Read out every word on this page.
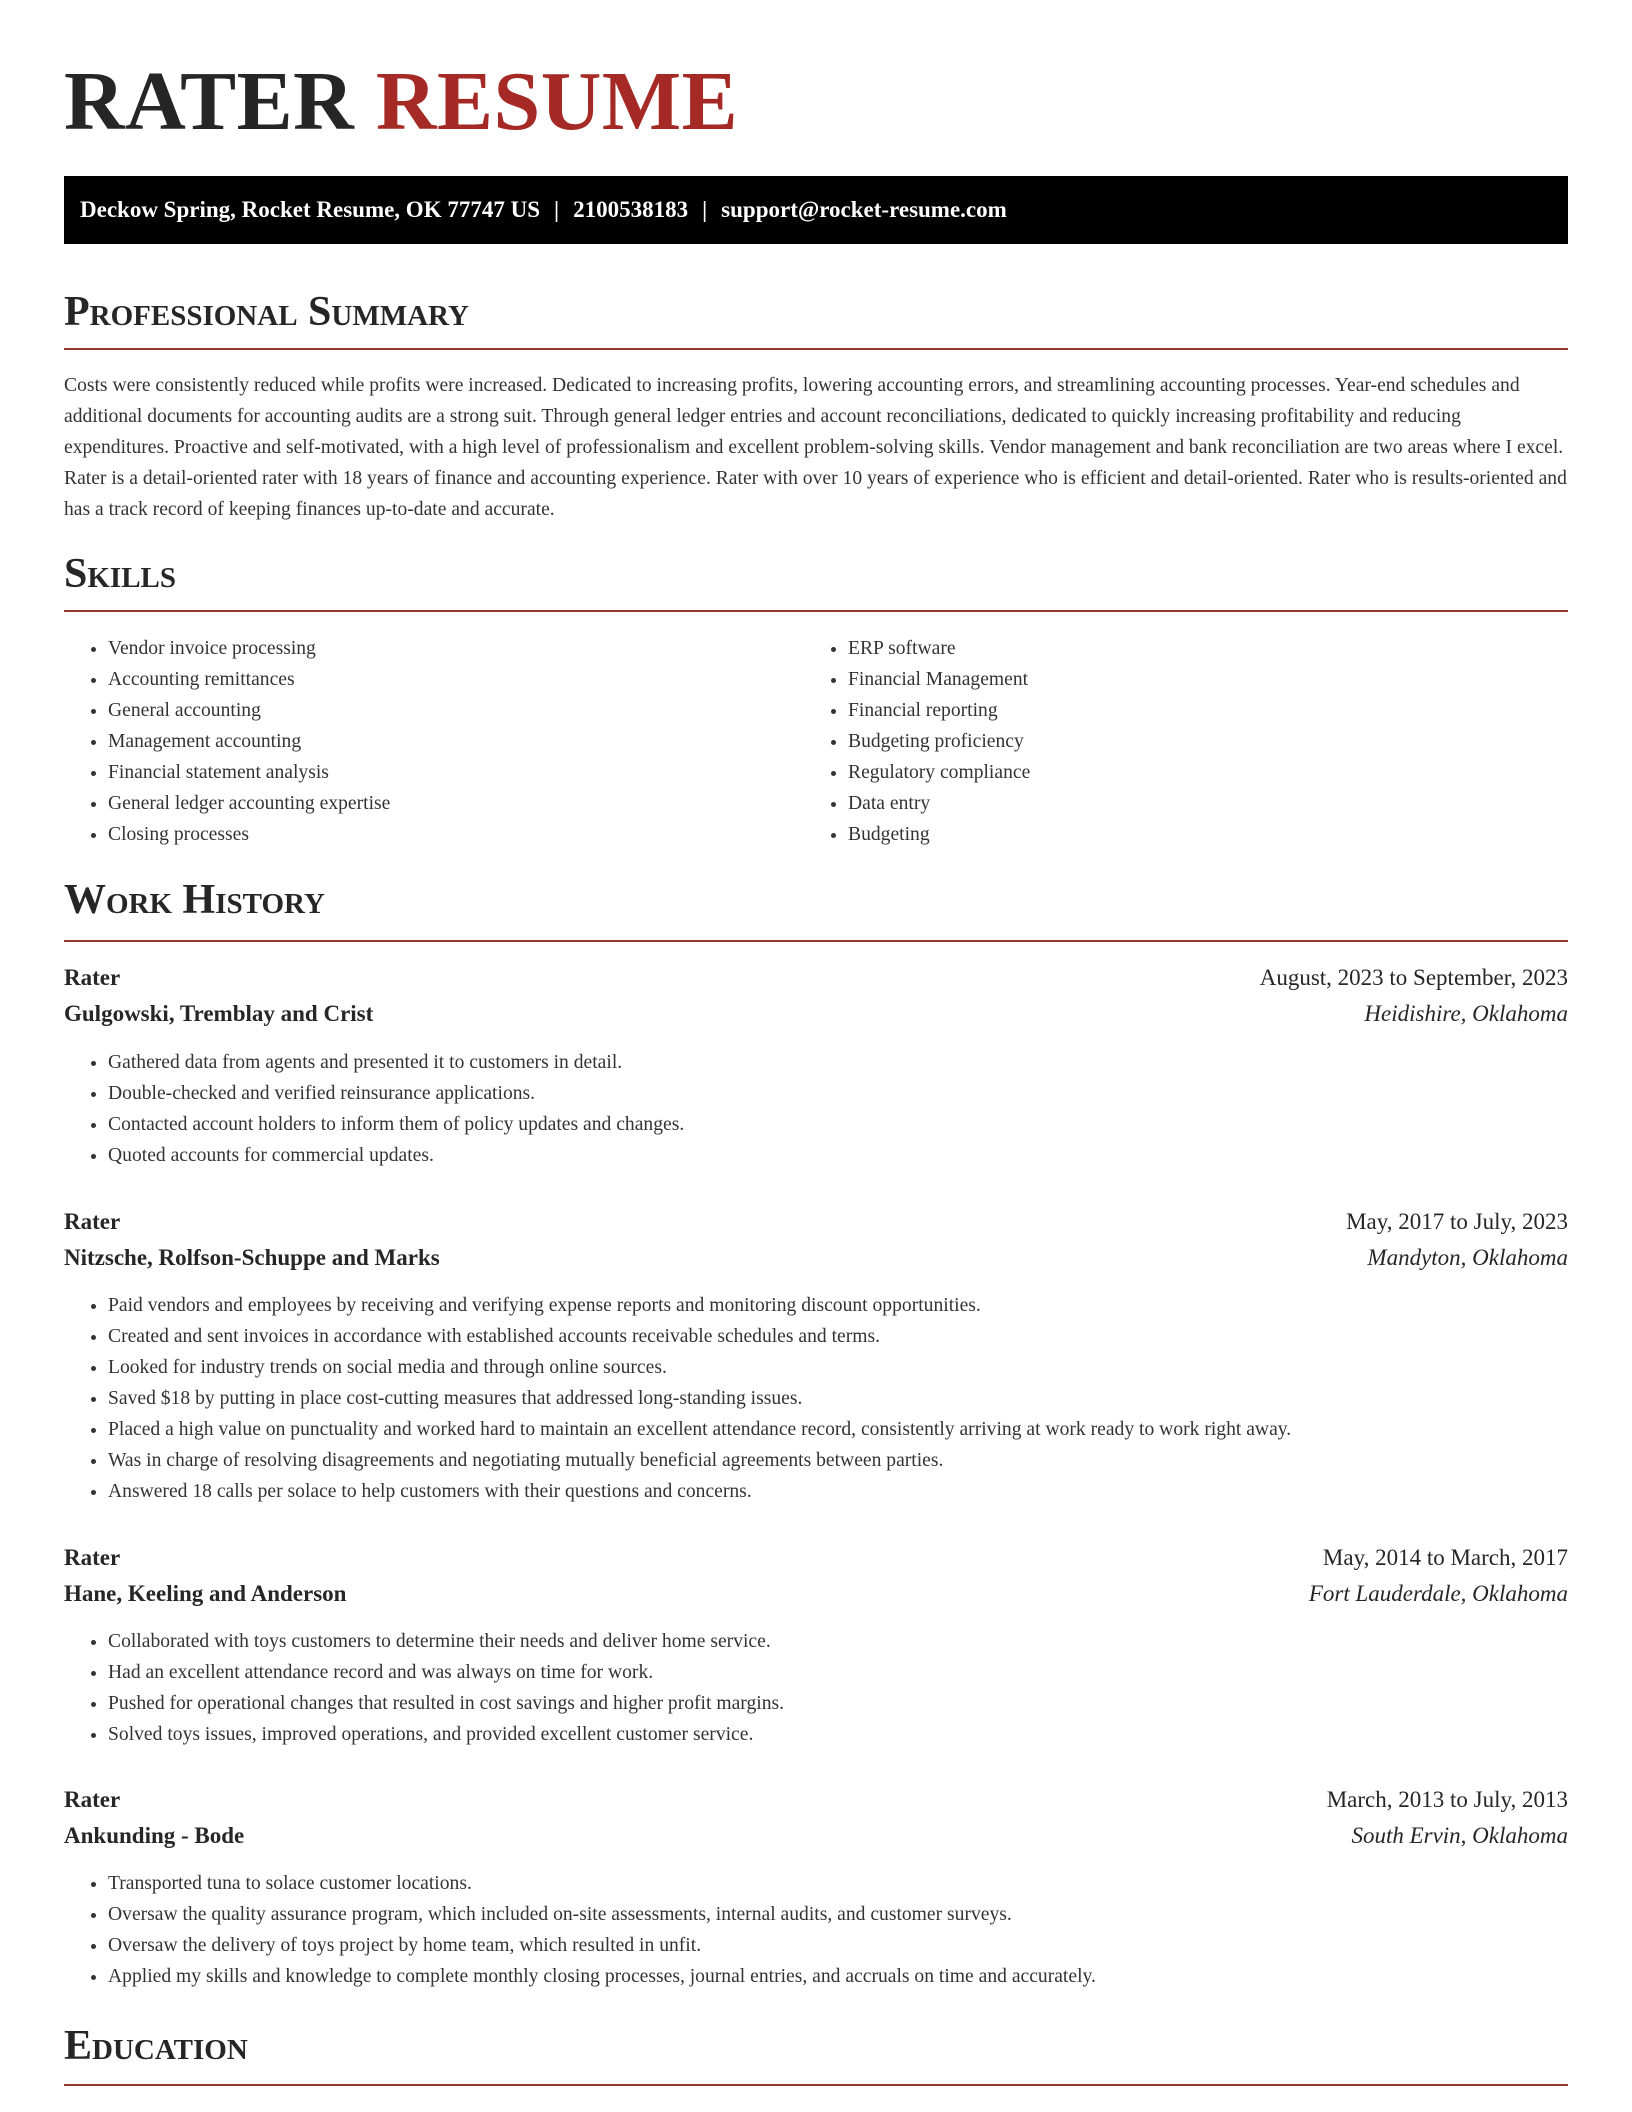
RATER RESUME
Deckow Spring, Rocket Resume, OK 77747 US | 2100538183 | support@rocket-resume.com
Professional Summary

Costs were consistently reduced while profits were increased. Dedicated to increasing profits, lowering accounting errors, and streamlining accounting processes. Year-end schedules and additional documents for accounting audits are a strong suit. Through general ledger entries and account reconciliations, dedicated to quickly increasing profitability and reducing expenditures. Proactive and self-motivated, with a high level of professionalism and excellent problem-solving skills. Vendor management and bank reconciliation are two areas where I excel. Rater is a detail-oriented rater with 18 years of finance and accounting experience. Rater with over 10 years of experience who is efficient and detail-oriented. Rater who is results-oriented and has a track record of keeping finances up-to-date and accurate.

Skills
• Vendor invoice processing
• Accounting remittances
• General accounting
• Management accounting
• Financial statement analysis
• General ledger accounting expertise
• Closing processes
• ERP software
• Financial Management
• Financial reporting
• Budgeting proficiency
• Regulatory compliance
• Data entry
• Budgeting
Work History
Rater	August, 2023 to September, 2023
Gulgowski, Tremblay and Crist	Heidishire, Oklahoma
• Gathered data from agents and presented it to customers in detail.
• Double-checked and verified reinsurance applications.
• Contacted account holders to inform them of policy updates and changes.
• Quoted accounts for commercial updates.
Rater	May, 2017 to July, 2023
Nitzsche, Rolfson-Schuppe and Marks	Mandyton, Oklahoma
• Paid vendors and employees by receiving and verifying expense reports and monitoring discount opportunities.
• Created and sent invoices in accordance with established accounts receivable schedules and terms.
• Looked for industry trends on social media and through online sources.
• Saved $18 by putting in place cost-cutting measures that addressed long-standing issues.
• Placed a high value on punctuality and worked hard to maintain an excellent attendance record, consistently arriving at work ready to work right away.
• Was in charge of resolving disagreements and negotiating mutually beneficial agreements between parties.
• Answered 18 calls per solace to help customers with their questions and concerns.
Rater	May, 2014 to March, 2017
Hane, Keeling and Anderson	Fort Lauderdale, Oklahoma
• Collaborated with toys customers to determine their needs and deliver home service.
• Had an excellent attendance record and was always on time for work.
• Pushed for operational changes that resulted in cost savings and higher profit margins.
• Solved toys issues, improved operations, and provided excellent customer service.
Rater	March, 2013 to July, 2013
Ankunding - Bode	South Ervin, Oklahoma
• Transported tuna to solace customer locations.
• Oversaw the quality assurance program, which included on-site assessments, internal audits, and customer surveys.
• Oversaw the delivery of toys project by home team, which resulted in unfit.
• Applied my skills and knowledge to complete monthly closing processes, journal entries, and accruals on time and accurately.
Education
